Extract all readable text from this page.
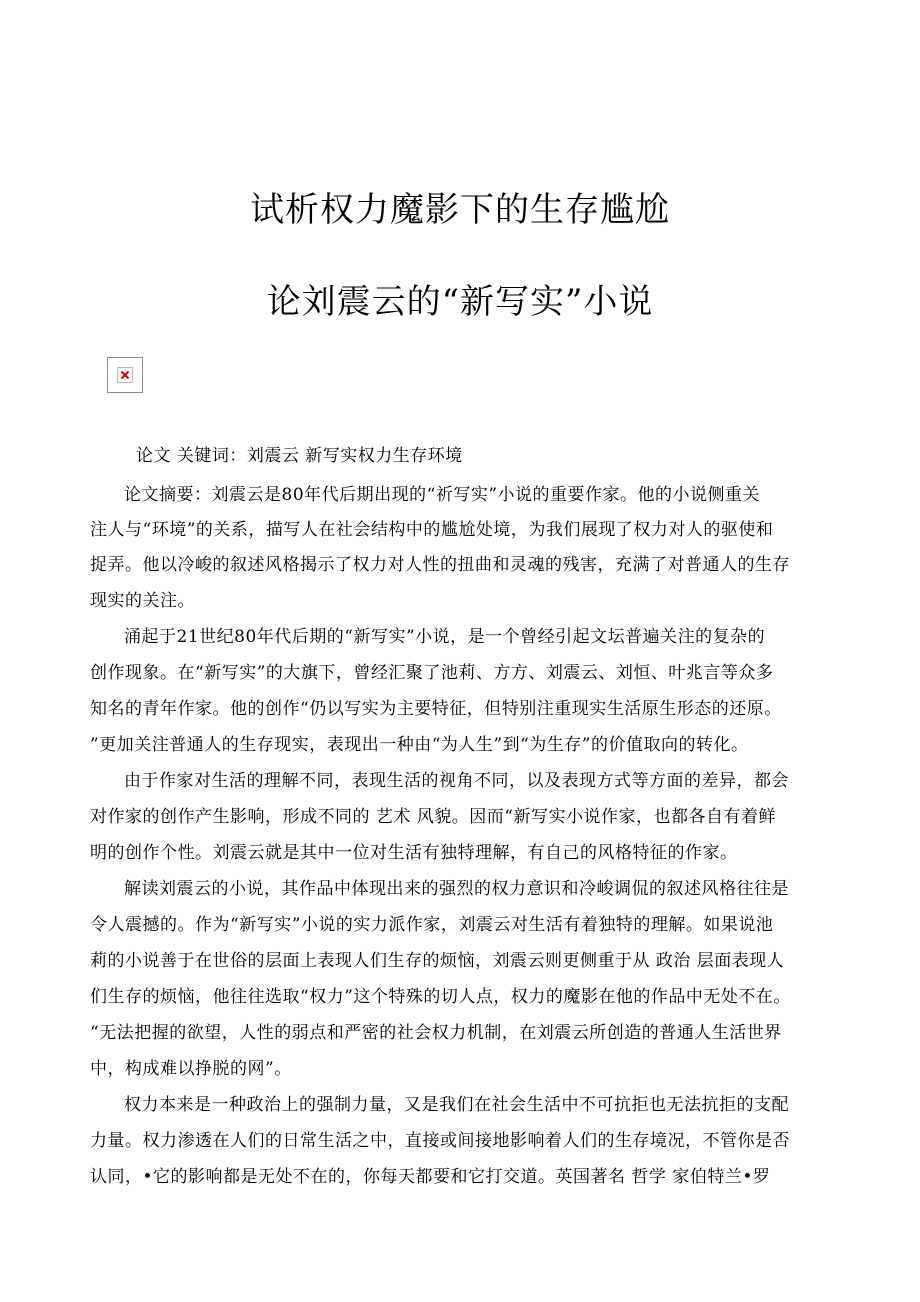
试析权力魔影下的生存尴尬
论刘震云的“新写实”小说
论文 关键词：刘震云 新写实权力生存环境
论文摘要：刘震云是80年代后期出现的“祈写实”小说的重要作家。他的小说侧重关
注人与“环境”的关系，描写人在社会结构中的尴尬处境，为我们展现了权力对人的驱使和
捉弄。他以冷峻的叙述风格揭示了权力对人性的扭曲和灵魂的残害，充满了对普通人的生存
现实的关注。
涌起于21世纪80年代后期的“新写实”小说，是一个曾经引起文坛普遍关注的复杂的
创作现象。在“新写实”的大旗下，曾经汇聚了池莉、方方、刘震云、刘恒、叶兆言等众多
知名的青年作家。他的创作“仍以写实为主要特征，但特别注重现实生活原生形态的还原。
”更加关注普通人的生存现实，表现出一种由“为人生”到“为生存”的价值取向的转化。
由于作家对生活的理解不同，表现生活的视角不同，以及表现方式等方面的差异，都会
对作家的创作产生影响，形成不同的 艺术 风貌。因而“新写实小说作家，也都各自有着鲜
明的创作个性。刘震云就是其中一位对生活有独特理解，有自己的风格特征的作家。
解读刘震云的小说，其作品中体现出来的强烈的权力意识和冷峻调侃的叙述风格往往是
令人震撼的。作为“新写实”小说的实力派作家，刘震云对生活有着独特的理解。如果说池
莉的小说善于在世俗的层面上表现人们生存的烦恼，刘震云则更侧重于从 政治 层面表现人
们生存的烦恼，他往往选取“权力”这个特殊的切人点，权力的魔影在他的作品中无处不在。
“无法把握的欲望，人性的弱点和严密的社会权力机制，在刘震云所创造的普通人生活世界
中，构成难以挣脱的网”。
权力本来是一种政治上的强制力量，又是我们在社会生活中不可抗拒也无法抗拒的支配
力量。权力渗透在人们的日常生活之中，直接或间接地影响着人们的生存境况，不管你是否
认同，•它的影响都是无处不在的，你每天都要和它打交道。英国著名 哲学 家伯特兰•罗
